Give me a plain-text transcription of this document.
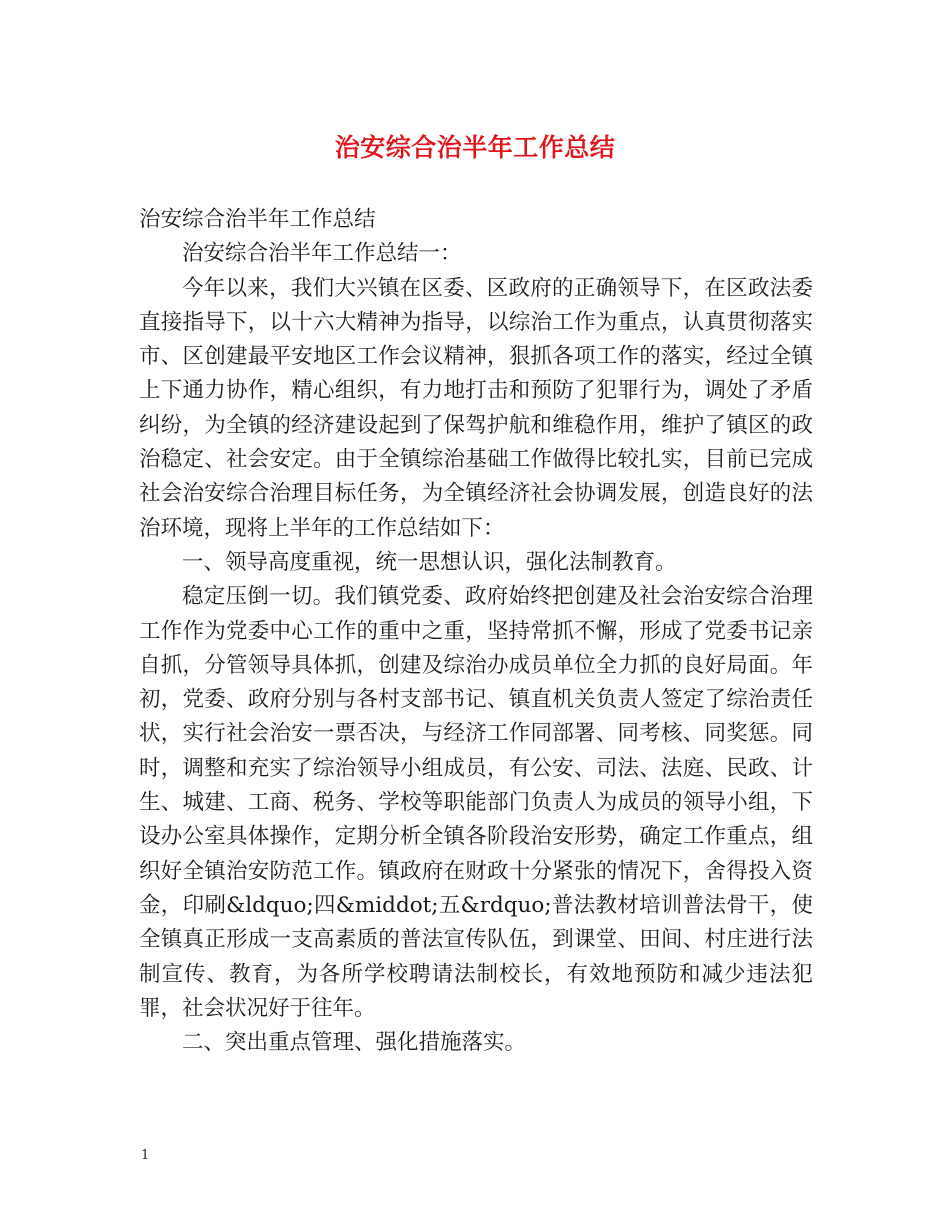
治安综合治半年工作总结

治安综合治半年工作总结

治安综合治半年工作总结一：

今年以来，我们大兴镇在区委、区政府的正确领导下，在区政法委直接指导下，以十六大精神为指导，以综治工作为重点，认真贯彻落实市、区创建最平安地区工作会议精神，狠抓各项工作的落实，经过全镇上下通力协作，精心组织，有力地打击和预防了犯罪行为，调处了矛盾纠纷，为全镇的经济建设起到了保驾护航和维稳作用，维护了镇区的政治稳定、社会安定。由于全镇综治基础工作做得比较扎实，目前已完成社会治安综合治理目标任务，为全镇经济社会协调发展，创造良好的法治环境，现将上半年的工作总结如下：

一、领导高度重视，统一思想认识，强化法制教育。

稳定压倒一切。我们镇党委、政府始终把创建及社会治安综合治理工作作为党委中心工作的重中之重，坚持常抓不懈，形成了党委书记亲自抓，分管领导具体抓，创建及综治办成员单位全力抓的良好局面。年初，党委、政府分别与各村支部书记、镇直机关负责人签定了综治责任状，实行社会治安一票否决，与经济工作同部署、同考核、同奖惩。同时，调整和充实了综治领导小组成员，有公安、司法、法庭、民政、计生、城建、工商、税务、学校等职能部门负责人为成员的领导小组，下设办公室具体操作，定期分析全镇各阶段治安形势，确定工作重点，组织好全镇治安防范工作。镇政府在财政十分紧张的情况下，舍得投入资金，印刷&ldquo;四&middot;五&rdquo;普法教材培训普法骨干，使全镇真正形成一支高素质的普法宣传队伍，到课堂、田间、村庄进行法制宣传、教育，为各所学校聘请法制校长，有效地预防和减少违法犯罪，社会状况好于往年。

二、突出重点管理、强化措施落实。

1
